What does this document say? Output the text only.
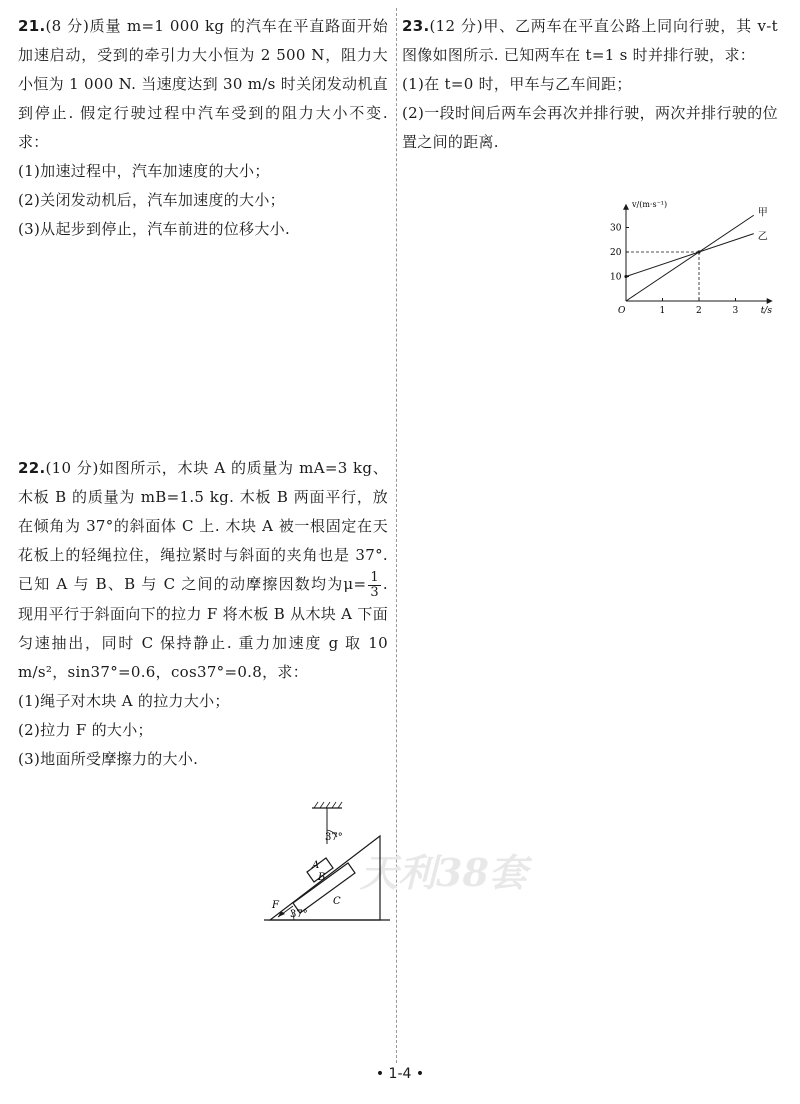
21.(8 分)质量 m=1 000 kg 的汽车在平直路面开始加速启动，受到的牵引力大小恒为 2 500 N，阻力大小恒为 1 000 N. 当速度达到 30 m/s 时关闭发动机直到停止. 假定行驶过程中汽车受到的阻力大小不变. 求：

(1)加速过程中，汽车加速度的大小；

(2)关闭发动机后，汽车加速度的大小；

(3)从起步到停止，汽车前进的位移大小.

22.(10 分)如图所示，木块 A 的质量为 mA=3 kg、木板 B 的质量为 mB=1.5 kg. 木板 B 两面平行，放在倾角为 37°的斜面体 C 上. 木块 A 被一根固定在天花板上的轻绳拉住，绳拉紧时与斜面的夹角也是 37°. 已知 A 与 B、B 与 C 之间的动摩擦因数均为$\mu= \frac{1}{3}$ . 现用平行于斜面向下的拉力 F 将木板 B 从木块 A 下面匀速抽出，同时 C 保持静止. 重力加速度 g 取 10 m/s²，sin37°=0.6，cos37°=0.8，求：

(1)绳子对木块 A 的拉力大小；

(2)拉力 F 的大小；

(3)地面所受摩擦力的大小.

23.(12 分)甲、乙两车在平直公路上同向行驶，其 v-t 图像如图所示. 已知两车在 t=1 s 时并排行驶，求：

(1)在 t=0 时，甲车与乙车间距；

(2)一段时间后两车会再次并排行驶，两次并排行驶的位置之间的距离.

1	2	3
10
20
30
O
v/(m·s⁻¹)
t/s
甲
乙
天利38套
37°
37°
A
B
C
F
• 1-4 •
